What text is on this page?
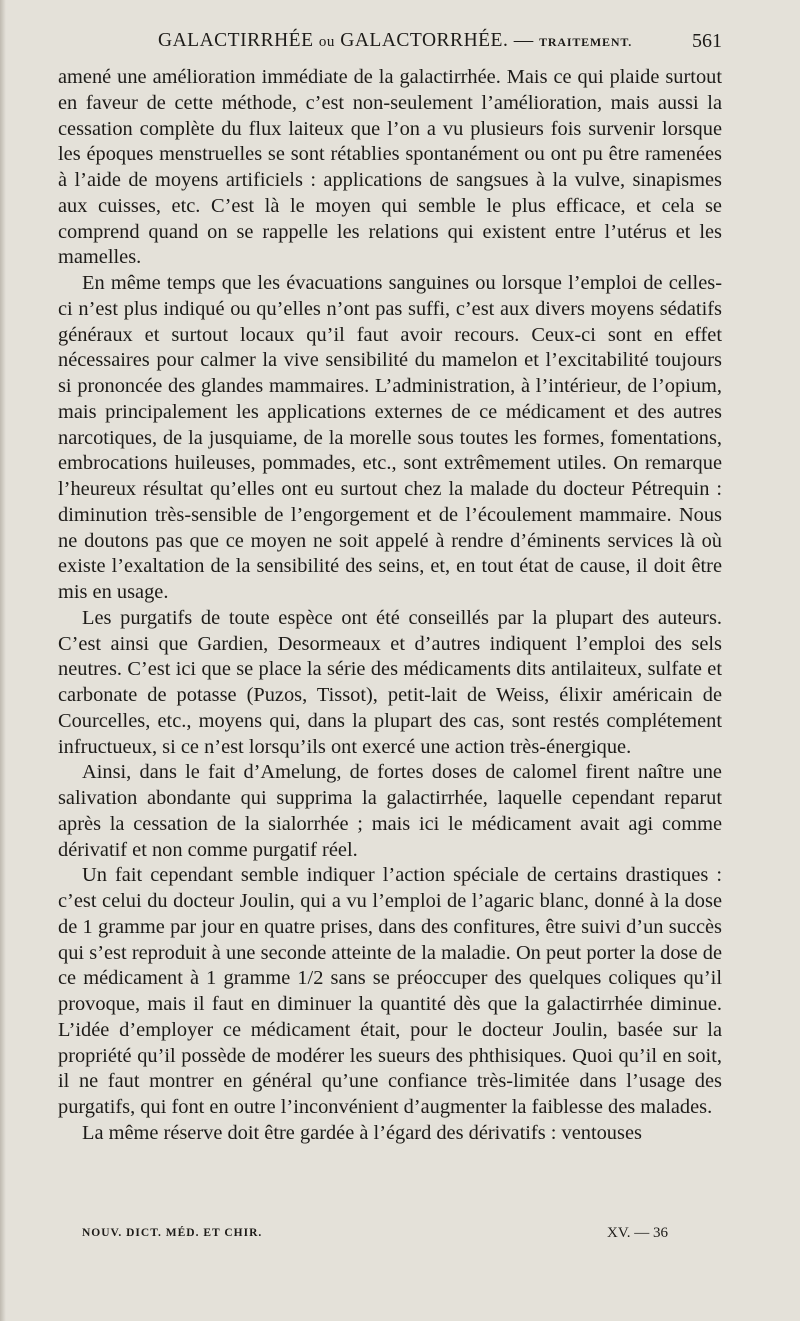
GALACTIRRHÉE ou GALACTORRHÉE. — TRAITEMENT.	561

amené une amélioration immédiate de la galactirrhée. Mais ce qui plaide surtout en faveur de cette méthode, c’est non-seulement l’amélioration, mais aussi la cessation complète du flux laiteux que l’on a vu plusieurs fois survenir lorsque les époques menstruelles se sont rétablies spontanément ou ont pu être ramenées à l’aide de moyens artificiels : applications de sangsues à la vulve, sinapismes aux cuisses, etc. C’est là le moyen qui semble le plus efficace, et cela se comprend quand on se rappelle les relations qui existent entre l’utérus et les mamelles.

En même temps que les évacuations sanguines ou lorsque l’emploi de celles-ci n’est plus indiqué ou qu’elles n’ont pas suffi, c’est aux divers moyens sédatifs généraux et surtout locaux qu’il faut avoir recours. Ceux-ci sont en effet nécessaires pour calmer la vive sensibilité du mamelon et l’excitabilité toujours si prononcée des glandes mammaires. L’administration, à l’intérieur, de l’opium, mais principalement les applications externes de ce médicament et des autres narcotiques, de la jusquiame, de la morelle sous toutes les formes, fomentations, embrocations huileuses, pommades, etc., sont extrêmement utiles. On remarque l’heureux résultat qu’elles ont eu surtout chez la malade du docteur Pétrequin : diminution très-sensible de l’engorgement et de l’écoulement mammaire. Nous ne doutons pas que ce moyen ne soit appelé à rendre d’éminents services là où existe l’exaltation de la sensibilité des seins, et, en tout état de cause, il doit être mis en usage.

Les purgatifs de toute espèce ont été conseillés par la plupart des auteurs. C’est ainsi que Gardien, Desormeaux et d’autres indiquent l’emploi des sels neutres. C’est ici que se place la série des médicaments dits antilaiteux, sulfate et carbonate de potasse (Puzos, Tissot), petit-lait de Weiss, élixir américain de Courcelles, etc., moyens qui, dans la plupart des cas, sont restés complétement infructueux, si ce n’est lorsqu’ils ont exercé une action très-énergique.

Ainsi, dans le fait d’Amelung, de fortes doses de calomel firent naître une salivation abondante qui supprima la galactirrhée, laquelle cependant reparut après la cessation de la sialorrhée ; mais ici le médicament avait agi comme dérivatif et non comme purgatif réel.

Un fait cependant semble indiquer l’action spéciale de certains drastiques : c’est celui du docteur Joulin, qui a vu l’emploi de l’agaric blanc, donné à la dose de 1 gramme par jour en quatre prises, dans des confitures, être suivi d’un succès qui s’est reproduit à une seconde atteinte de la maladie. On peut porter la dose de ce médicament à 1 gramme 1/2 sans se préoccuper des quelques coliques qu’il provoque, mais il faut en diminuer la quantité dès que la galactirrhée diminue. L’idée d’employer ce médicament était, pour le docteur Joulin, basée sur la propriété qu’il possède de modérer les sueurs des phthisiques. Quoi qu’il en soit, il ne faut montrer en général qu’une confiance très-limitée dans l’usage des purgatifs, qui font en outre l’inconvénient d’augmenter la faiblesse des malades.

La même réserve doit être gardée à l’égard des dérivatifs : ventouses

NOUV. DICT. MÉD. ET CHIR.	XV. — 36
